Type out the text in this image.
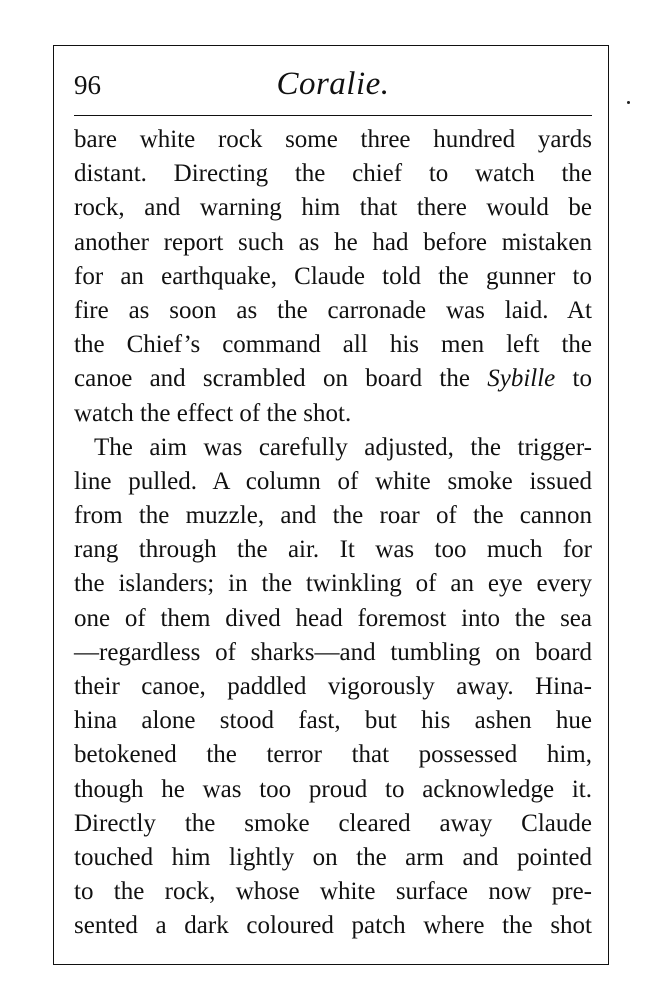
96	Coralie.
bare white rock some three hundred yards
distant. Directing the chief to watch the
rock, and warning him that there would be
another report such as he had before mistaken
for an earthquake, Claude told the gunner to
fire as soon as the carronade was laid. At
the Chief’s command all his men left the
canoe and scrambled on board the Sybille to
watch the effect of the shot.
The aim was carefully adjusted, the trigger-
line pulled. A column of white smoke issued
from the muzzle, and the roar of the cannon
rang through the air. It was too much for
the islanders; in the twinkling of an eye every
one of them dived head foremost into the sea
—regardless of sharks—and tumbling on board
their canoe, paddled vigorously away. Hina-
hina alone stood fast, but his ashen hue
betokened the terror that possessed him,
though he was too proud to acknowledge it.
Directly the smoke cleared away Claude
touched him lightly on the arm and pointed
to the rock, whose white surface now pre-
sented a dark coloured patch where the shot
